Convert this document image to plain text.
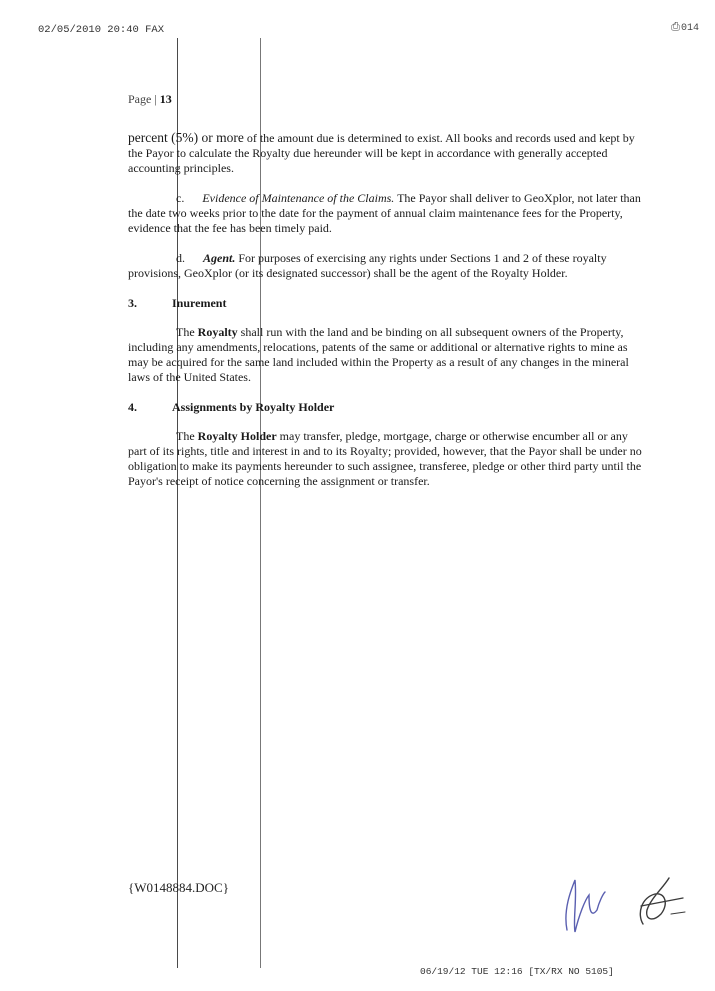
02/05/2010 20:40 FAX	⎙014
Page | 13

percent (5%) or more of the amount due is determined to exist. All books and records used and kept by the Payor to calculate the Royalty due hereunder will be kept in accordance with generally accepted accounting principles.

c. Evidence of Maintenance of the Claims. The Payor shall deliver to GeoXplor, not later than the date two weeks prior to the date for the payment of annual claim maintenance fees for the Property, evidence that the fee has been timely paid.

d. Agent. For purposes of exercising any rights under Sections 1 and 2 of these royalty provisions, GeoXplor (or its designated successor) shall be the agent of the Royalty Holder.

3.	Inurement

The Royalty shall run with the land and be binding on all subsequent owners of the Property, including any amendments, relocations, patents of the same or additional or alternative rights to mine as may be acquired for the same land included within the Property as a result of any changes in the mineral laws of the United States.

4.	Assignments by Royalty Holder

The Royalty Holder may transfer, pledge, mortgage, charge or otherwise encumber all or any part of its rights, title and interest in and to its Royalty; provided, however, that the Payor shall be under no obligation to make its payments hereunder to such assignee, transferee, pledge or other third party until the Payor's receipt of notice concerning the assignment or transfer.

{W0148884.DOC}
06/19/12 TUE 12:16 [TX/RX NO 5105]
